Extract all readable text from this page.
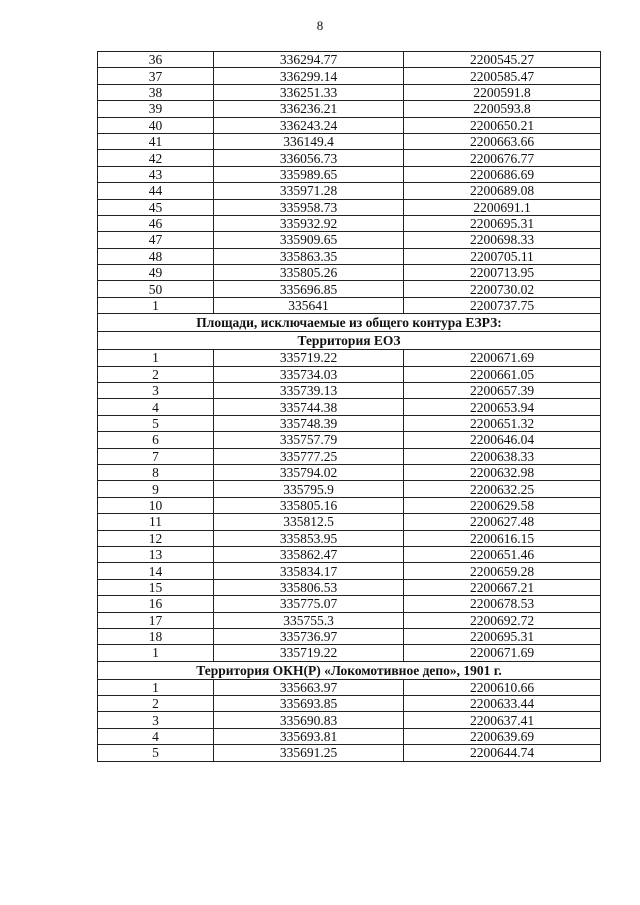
8
36	336294.77	2200545.27
37	336299.14	2200585.47
38	336251.33	2200591.8
39	336236.21	2200593.8
40	336243.24	2200650.21
41	336149.4	2200663.66
42	336056.73	2200676.77
43	335989.65	2200686.69
44	335971.28	2200689.08
45	335958.73	2200691.1
46	335932.92	2200695.31
47	335909.65	2200698.33
48	335863.35	2200705.11
49	335805.26	2200713.95
50	335696.85	2200730.02
1	335641	2200737.75
Площади, исключаемые из общего контура ЕЗРЗ:		
Территория ЕОЗ		
1	335719.22	2200671.69
2	335734.03	2200661.05
3	335739.13	2200657.39
4	335744.38	2200653.94
5	335748.39	2200651.32
6	335757.79	2200646.04
7	335777.25	2200638.33
8	335794.02	2200632.98
9	335795.9	2200632.25
10	335805.16	2200629.58
11	335812.5	2200627.48
12	335853.95	2200616.15
13	335862.47	2200651.46
14	335834.17	2200659.28
15	335806.53	2200667.21
16	335775.07	2200678.53
17	335755.3	2200692.72
18	335736.97	2200695.31
1	335719.22	2200671.69
Территория ОКН(Р) «Локомотивное депо», 1901 г.		
1	335663.97	2200610.66
2	335693.85	2200633.44
3	335690.83	2200637.41
4	335693.81	2200639.69
5	335691.25	2200644.74
